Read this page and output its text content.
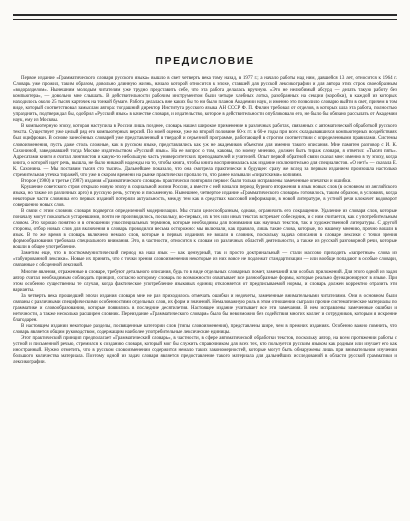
ПРЕДИСЛОВИЕ

Первое издание «Грамматического словаря русского языка» вышло в свет четверть века тому назад, в 1977 г.; а начало работы над ним, давшейся 13 лет, относится к 1964 г. Словарь уже прожил, таким образом, довольно длинную жизнь, начало которой относится к эпохе, ставшей для русской лексикографии и для автора этих строк своеобразным «водоразделом». Нынешним молодым читателям уже трудно представить себе, что эта работа делалась вручную. «Это не нелюбимый абсурд — делать такую работу без компьютера», — довольно мне слышать. В действительности рабочим инструментом были четыре хлебных лотка, разобранных на секции (коробки), в каждой из которых находилось около 25 тысяч карточек на тонкой бумаге. Работа делалась вне каких бы то ни было планов Академии наук, и именно это позволило словарю выйти в свет, причем в том виде, который соответствовал замыслам автора: тогдашний директор Института русского языка АН СССР Ф. П. Филин требовал от отделов, в которых шла эта работа, полностью упразднить, подтверждал бы, одобрил «Русский язык» в качестве словаря, и издательство, которое в действительности опубликовало его, не было бы обязано рассылать от Академии наук, ему из Москвы.

В компьютерную эпоху, которая наступила в России лишь позднее, словарь нашел широкое применение в различных работах, связанных с автоматической обработкой русского текста. Существует уже целый ряд его компьютерных версий. По моей оценке, уже во второй половине 60-х гг. в 60-е годы при всех складывавшихся компьютерных воздействиях был оцифрован. В основе занесённых словарей уже представленный в твердой и серьезной программе, работающей в строгом соответствии с определенными правилами. Системы словоизменения, пусть даже столь сложные, как в русском языке, представлялись как уж не академиков объектом для именно такого описания. Мне памятен разговор с И. К. Сахониной, заведовавшей тогда Москве издательством «Русский язык». На ее вопрос о том, каковы, по моему мнению, должен быть тираж словаря, я ответил: «Тысяч пять». Адресатами книги я считал лингвистов и какую-то небольшую часть университетских преподавателей и учителей. Опыт первой обратной связи сказал мне: именно в ту эпоху, когда книга, о которой идет речь, вышла, не было никакой надежды на то, чтобы книга, чтобы книга воспринималась как издание исключительно для специалистов. «О нет!» — сказала Е. К. Сахонина. — Мы поставим тысяч сто тысяч». Дальнейшее показало, что она смотрела практически в будущее: сразу же вслед за первым изданием произошла настолько стремительная утечка тиражей, что уже в скором времени на рынке практически пропало то, что ранее называли «пиратскими» копиями.

Второе (1980) и третье (1987) издания «Грамматического словаря» практически повторяли первое: были только исправлены замеченные опечатки и ошибки.

Крушение советского строя открыло новую эпоху в социальной жизни России, а вместе с ней начался период бурного вторжения в язык новых слов (в основном из английского языка, но также из различных арго) в русскую речь, устную и письменную. Нынешнее, четвертое издание «Грамматического словаря» готовилось, таким образом, в условиях, когда некоторые части словника его первых изданий потеряли актуальность, между тем как в средствах массовой информации, в новой литературе, в устной речи клокочет водоворот совершенно новых слов.

В связи с этим словник словаря подвергся определенной модернизации. Мы стали целесообразным, однако, ограничить его сокращение. Удаление из словаря слов, которые поначалу могут показаться устаревшими, почти не производилось, поскольку, во-первых, их в тех или иных текстах встречает собеседник, и с ним считается, как с употребительным словом. Это хорошо понятно и в отношении узкоспециальных терминов, которые необходимы для понимания как научных текстов, так и художественной литературы. С другой стороны, отбор новых слов для включения в словарь проводился весьма осторожно: мы включали, как правило, лишь такие слова, которые, по нашему мнению, прочно вошли в язык. В то же время в словарь включено немало слов, которые в первых изданиях не вошли в словник, поскольку задача описания в словаре лексики с точки зрения формообразования требовала специального внимания. Это, в частности, относится к словам из различных областей деятельности, а также из русской разговорной речи, которые вошли в общее употребление.

Заметим еще, что в посткоммунистический период на наш язык — как цензурный, так и просто доктринальный — стали массово приходить «запретные» слова из «табуированной лексики». Новые их принять, что с точки зрения словоизменения некоторые из них вовсе не подлежат стандартизации — или вообще попадают в особые словари, связанные с обсценной лексикой.

Многие явления, отраженные в словаре, требуют детального описания, будь то в виде отдельных словарных помет, замечаний или особых приложений. Для этого одной из задач автор считал необходимым соблюдать принцип, согласно которому словарь по возможности охватывает все разнообразные формы, которые реально функционируют в языке. При этом особенно существенны те случаи, когда фактическое употребление языковых единиц отклоняется от предписываемой нормы, и словарь должен корректно отразить эти варианты.

За четверть века прошедшей эпохи издания словаря мне не раз приходилось отмечать ошибки и недочеты, замеченные внимательными читателями. Они в основном были связаны с различными специфическими особенностями отдельных слов, их форм и значений. Немаловажную роль в этом отношении сыграли прочие систематические материалы по грамматике и словообразованию, которые появились в последние десятилетия. Настоящее издание учитывает все эти замечания. В нем исправлены замеченные ошибки и неточности, а также несколько расширен словник. Переиздание «Грамматического словаря» было бы невозможно без содействия многих коллег и сотрудников, которым я искренне благодарен.

В настоящем издании некоторые разделы, посвященные категории слов (типы словоизменения), представлены шире, чем в прежних изданиях. Особенно важно помнить, что словарь является общим руководством, содержащим наиболее употребительные лексические единицы.

Этот практический принцип предполагает «Грамматический словарь», в частности, в сфере автоматической обработки текстов, поскольку автор, на всем протяжении работы с устной и письменной речью, стремился к созданию словаря, который мог бы служить справочником для всех тех, кто пользуется русским языком как родным или изучает его как иностранный. Нужно отметить, что в русском словоизменении содержится немало таких закономерностей, которые могут быть обнаружены лишь при внимательном изучении большого количества материала. Поэтому одной из задач словаря является предоставление такого материала для дальнейших исследований в области русской грамматики и лексикографии.
